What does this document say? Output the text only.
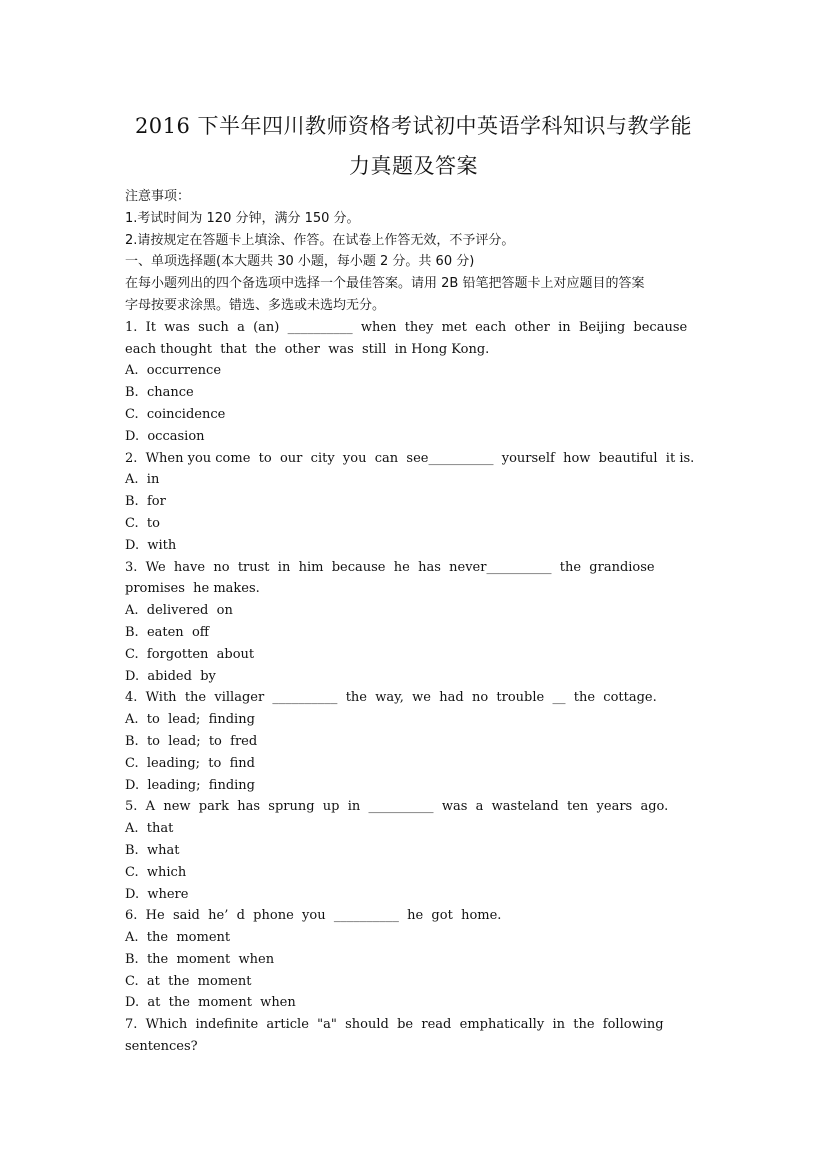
2016 下半年四川教师资格考试初中英语学科知识与教学能
力真题及答案
注意事项：
1.考试时间为 120 分钟，满分 150 分。
2.请按规定在答题卡上填涂、作答。在试卷上作答无效，不予评分。
一、单项选择题(本大题共 30 小题，每小题 2 分。共 60 分)
在每小题列出的四个备选项中选择一个最佳答案。请用 2B 铅笔把答题卡上对应题目的答案
字母按要求涂黑。错选、多选或未选均无分。
1.  It  was  such  a  (an)  __________  when  they  met  each  other  in  Beijing  because
each thought  that  the  other  was  still  in Hong Kong.
A.  occurrence
B.  chance
C.  coincidence
D.  occasion
2.  When you come  to  our  city  you  can  see__________  yourself  how  beautiful  it is.
A.  in
B.  for
C.  to
D.  with
3.  We  have  no  trust  in  him  because  he  has  never__________  the  grandiose
promises  he makes.
A.  delivered  on
B.  eaten  off
C.  forgotten  about
D.  abided  by
4.  With  the  villager  __________  the  way,  we  had  no  trouble  __  the  cottage.
A.  to  lead;  finding
B.  to  lead;  to  fred
C.  leading;  to  find
D.  leading;  finding
5.  A  new  park  has  sprung  up  in  __________  was  a  wasteland  ten  years  ago.
A.  that
B.  what
C.  which
D.  where
6.  He  said  he’  d  phone  you  __________  he  got  home.
A.  the  moment
B.  the  moment  when
C.  at  the  moment
D.  at  the  moment  when
7.  Which  indefinite  article  "a"  should  be  read  emphatically  in  the  following
sentences?
